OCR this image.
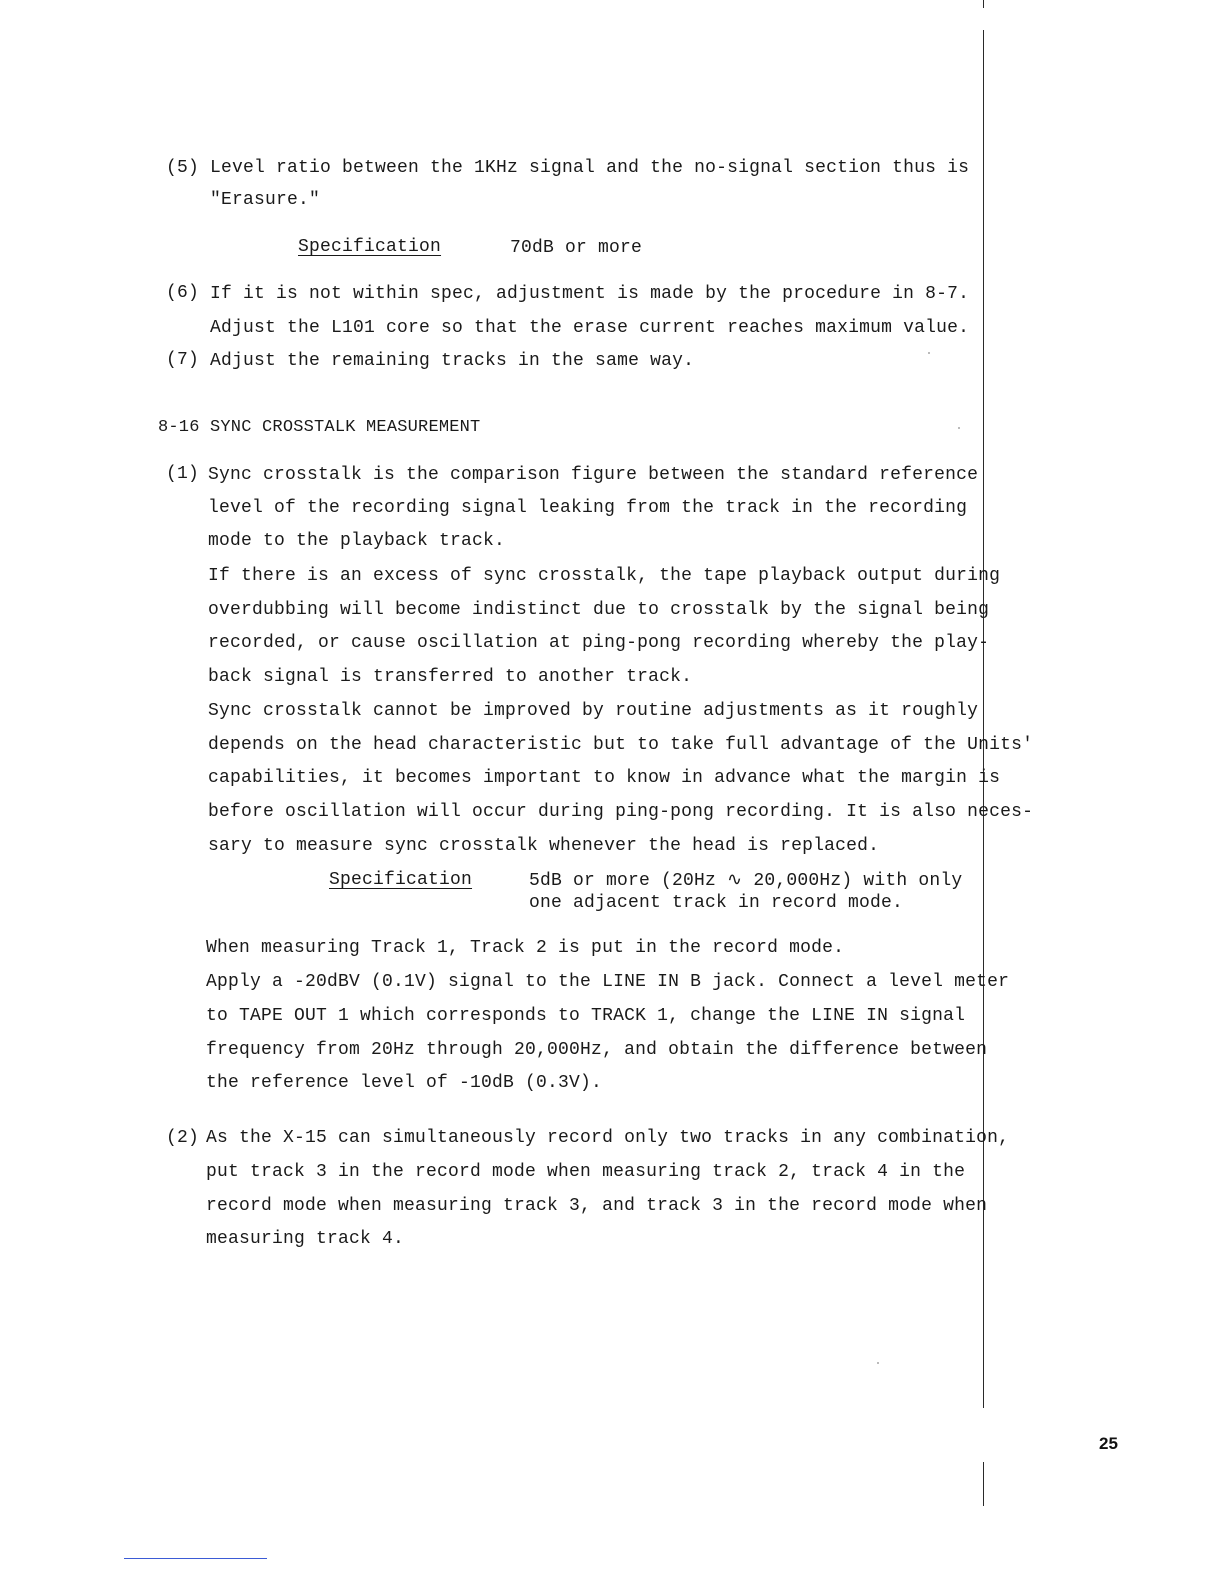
(5) Level ratio between the 1KHz signal and the no-signal section thus is
"Erasure."
Specification	70dB or more
(6) If it is not within spec, adjustment is made by the procedure in 8-7.
Adjust the L101 core so that the erase current reaches maximum value.
(7) Adjust the remaining tracks in the same way.
8-16 SYNC CROSSTALK MEASUREMENT
(1) Sync crosstalk is the comparison figure between the standard reference
level of the recording signal leaking from the track in the recording
mode to the playback track.
If there is an excess of sync crosstalk, the tape playback output during
overdubbing will become indistinct due to crosstalk by the signal being
recorded, or cause oscillation at ping-pong recording whereby the play-
back signal is transferred to another track.
Sync crosstalk cannot be improved by routine adjustments as it roughly
depends on the head characteristic but to take full advantage of the Units'
capabilities, it becomes important to know in advance what the margin is
before oscillation will occur during ping-pong recording. It is also neces-
sary to measure sync crosstalk whenever the head is replaced.
Specification	5dB or more (20Hz ∿ 20,000Hz) with only
one adjacent track in record mode.
When measuring Track 1, Track 2 is put in the record mode.
Apply a -20dBV (0.1V) signal to the LINE IN B jack. Connect a level meter
to TAPE OUT 1 which corresponds to TRACK 1, change the LINE IN signal
frequency from 20Hz through 20,000Hz, and obtain the difference between
the reference level of -10dB (0.3V).
(2) As the X-15 can simultaneously record only two tracks in any combination,
put track 3 in the record mode when measuring track 2, track 4 in the
record mode when measuring track 3, and track 3 in the record mode when
measuring track 4.
25
